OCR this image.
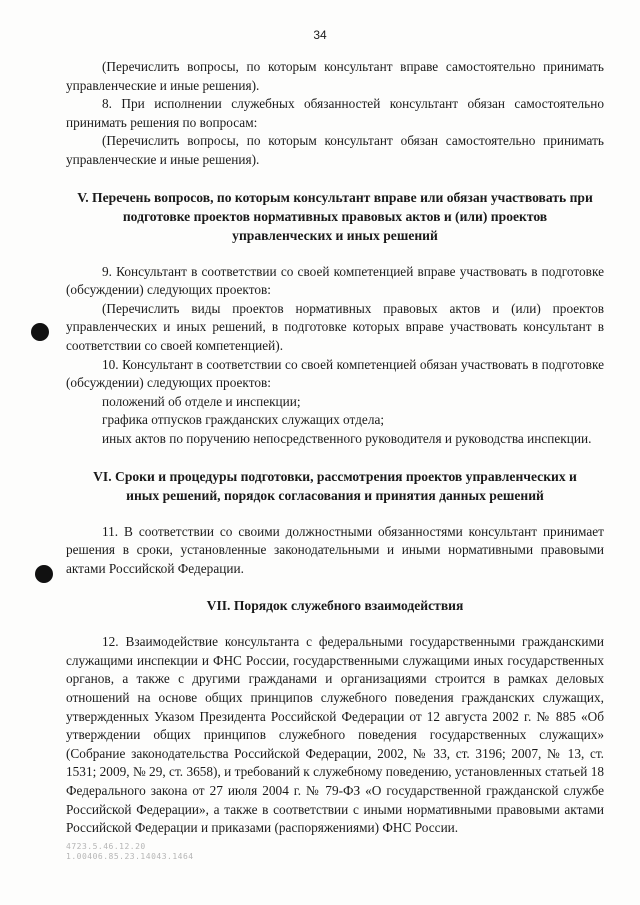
34

(Перечислить вопросы, по которым консультант вправе самостоятельно принимать управленческие и иные решения).

8. При исполнении служебных обязанностей консультант обязан самостоятельно принимать решения по вопросам:

(Перечислить вопросы, по которым консультант обязан самостоятельно принимать управленческие и иные решения).

V. Перечень вопросов, по которым консультант вправе или обязан участвовать при подготовке проектов нормативных правовых актов и (или) проектов управленческих и иных решений

9. Консультант в соответствии со своей компетенцией вправе участвовать в подготовке (обсуждении) следующих проектов:

(Перечислить виды проектов нормативных правовых актов и (или) проектов управленческих и иных решений, в подготовке которых вправе участвовать консультант в соответствии со своей компетенцией).

10. Консультант в соответствии со своей компетенцией обязан участвовать в подготовке (обсуждении) следующих проектов:

положений об отделе и инспекции;

графика отпусков гражданских служащих отдела;

иных актов по поручению непосредственного руководителя и руководства инспекции.

VI. Сроки и процедуры подготовки, рассмотрения проектов управленческих и иных решений, порядок согласования и принятия данных решений

11. В соответствии со своими должностными обязанностями консультант принимает решения в сроки, установленные законодательными и иными нормативными правовыми актами Российской Федерации.

VII. Порядок служебного взаимодействия

12. Взаимодействие консультанта с федеральными государственными гражданскими служащими инспекции и ФНС России, государственными служащими иных государственных органов, а также с другими гражданами и организациями строится в рамках деловых отношений на основе общих принципов служебного поведения гражданских служащих, утвержденных Указом Президента Российской Федерации от 12 августа 2002 г. № 885 «Об утверждении общих принципов служебного поведения государственных служащих» (Собрание законодательства Российской Федерации, 2002, № 33, ст. 3196; 2007, № 13, ст. 1531; 2009, № 29, ст. 3658), и требований к служебному поведению, установленных статьей 18 Федерального закона от 27 июля 2004 г. № 79-ФЗ «О государственной гражданской службе Российской Федерации», а также в соответствии с иными нормативными правовыми актами Российской Федерации и приказами (распоряжениями) ФНС России.

4723.5.46.12.20
1.00406.85.23.14043.1464
